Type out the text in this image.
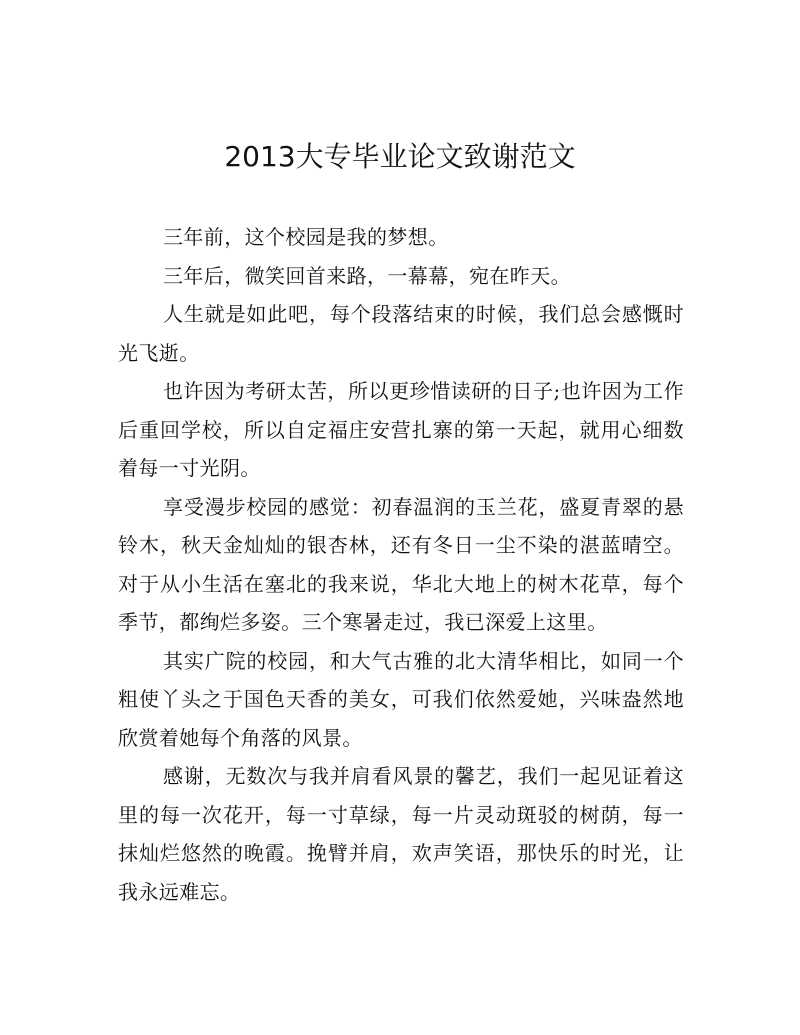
2013大专毕业论文致谢范文

三年前，这个校园是我的梦想。

三年后，微笑回首来路，一幕幕，宛在昨天。

人生就是如此吧，每个段落结束的时候，我们总会感慨时光飞逝。

也许因为考研太苦，所以更珍惜读研的日子;也许因为工作后重回学校，所以自定福庄安营扎寨的第一天起，就用心细数着每一寸光阴。

享受漫步校园的感觉：初春温润的玉兰花，盛夏青翠的悬铃木，秋天金灿灿的银杏林，还有冬日一尘不染的湛蓝晴空。对于从小生活在塞北的我来说，华北大地上的树木花草，每个季节，都绚烂多姿。三个寒暑走过，我已深爱上这里。

其实广院的校园，和大气古雅的北大清华相比，如同一个粗使丫头之于国色天香的美女，可我们依然爱她，兴味盎然地欣赏着她每个角落的风景。

感谢，无数次与我并肩看风景的馨艺，我们一起见证着这里的每一次花开，每一寸草绿，每一片灵动斑驳的树荫，每一抹灿烂悠然的晚霞。挽臂并肩，欢声笑语，那快乐的时光，让我永远难忘。
